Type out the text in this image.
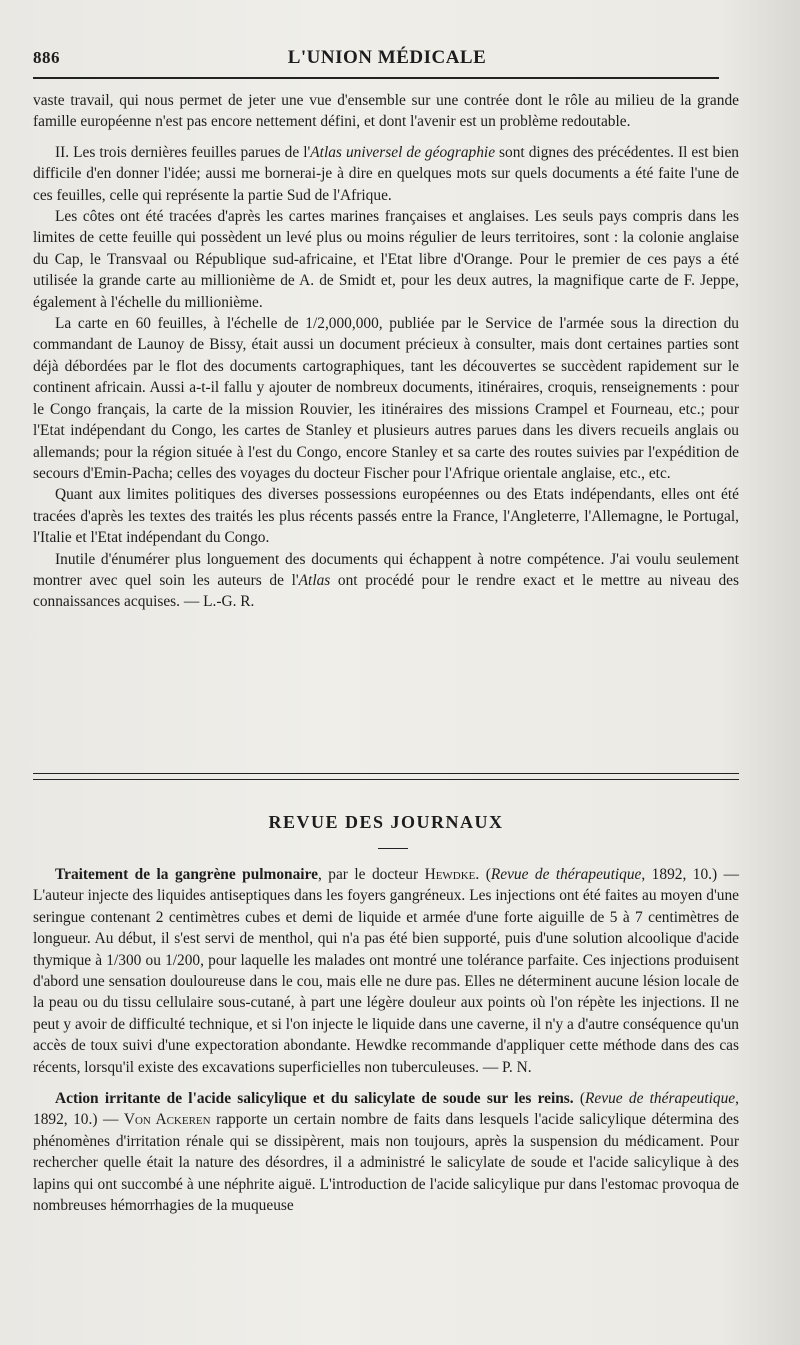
886	L'UNION MÉDICALE

vaste travail, qui nous permet de jeter une vue d'ensemble sur une contrée dont le rôle au milieu de la grande famille européenne n'est pas encore nettement défini, et dont l'avenir est un problème redoutable.

II. Les trois dernières feuilles parues de l'Atlas universel de géographie sont dignes des précédentes. Il est bien difficile d'en donner l'idée; aussi me bornerai-je à dire en quelques mots sur quels documents a été faite l'une de ces feuilles, celle qui représente la partie Sud de l'Afrique.

Les côtes ont été tracées d'après les cartes marines françaises et anglaises. Les seuls pays compris dans les limites de cette feuille qui possèdent un levé plus ou moins régulier de leurs territoires, sont : la colonie anglaise du Cap, le Transvaal ou République sud-africaine, et l'Etat libre d'Orange. Pour le premier de ces pays a été utilisée la grande carte au millionième de A. de Smidt et, pour les deux autres, la magnifique carte de F. Jeppe, également à l'échelle du millionième.

La carte en 60 feuilles, à l'échelle de 1/2,000,000, publiée par le Service de l'armée sous la direction du commandant de Launoy de Bissy, était aussi un document précieux à consulter, mais dont certaines parties sont déjà débordées par le flot des documents cartographiques, tant les découvertes se succèdent rapidement sur le continent africain. Aussi a-t-il fallu y ajouter de nombreux documents, itinéraires, croquis, renseignements : pour le Congo français, la carte de la mission Rouvier, les itinéraires des missions Crampel et Fourneau, etc.; pour l'Etat indépendant du Congo, les cartes de Stanley et plusieurs autres parues dans les divers recueils anglais ou allemands; pour la région située à l'est du Congo, encore Stanley et sa carte des routes suivies par l'expédition de secours d'Emin-Pacha; celles des voyages du docteur Fischer pour l'Afrique orientale anglaise, etc., etc.

Quant aux limites politiques des diverses possessions européennes ou des Etats indépendants, elles ont été tracées d'après les textes des traités les plus récents passés entre la France, l'Angleterre, l'Allemagne, le Portugal, l'Italie et l'Etat indépendant du Congo.

Inutile d'énumérer plus longuement des documents qui échappent à notre compétence. J'ai voulu seulement montrer avec quel soin les auteurs de l'Atlas ont procédé pour le rendre exact et le mettre au niveau des connaissances acquises. — L.-G. R.

REVUE DES JOURNAUX

Traitement de la gangrène pulmonaire, par le docteur Hewdke. (Revue de thérapeutique, 1892, 10.) — L'auteur injecte des liquides antiseptiques dans les foyers gangréneux. Les injections ont été faites au moyen d'une seringue contenant 2 centimètres cubes et demi de liquide et armée d'une forte aiguille de 5 à 7 centimètres de longueur. Au début, il s'est servi de menthol, qui n'a pas été bien supporté, puis d'une solution alcoolique d'acide thymique à 1/300 ou 1/200, pour laquelle les malades ont montré une tolérance parfaite. Ces injections produisent d'abord une sensation douloureuse dans le cou, mais elle ne dure pas. Elles ne déterminent aucune lésion locale de la peau ou du tissu cellulaire sous-cutané, à part une légère douleur aux points où l'on répète les injections. Il ne peut y avoir de difficulté technique, et si l'on injecte le liquide dans une caverne, il n'y a d'autre conséquence qu'un accès de toux suivi d'une expectoration abondante. Hewdke recommande d'appliquer cette méthode dans des cas récents, lorsqu'il existe des excavations superficielles non tuberculeuses. — P. N.

Action irritante de l'acide salicylique et du salicylate de soude sur les reins. (Revue de thérapeutique, 1892, 10.) — Von Ackeren rapporte un certain nombre de faits dans lesquels l'acide salicylique détermina des phénomènes d'irritation rénale qui se dissipèrent, mais non toujours, après la suspension du médicament. Pour rechercher quelle était la nature des désordres, il a administré le salicylate de soude et l'acide salicylique à des lapins qui ont succombé à une néphrite aiguë. L'introduction de l'acide salicylique pur dans l'estomac provoqua de nombreuses hémorrhagies de la muqueuse
